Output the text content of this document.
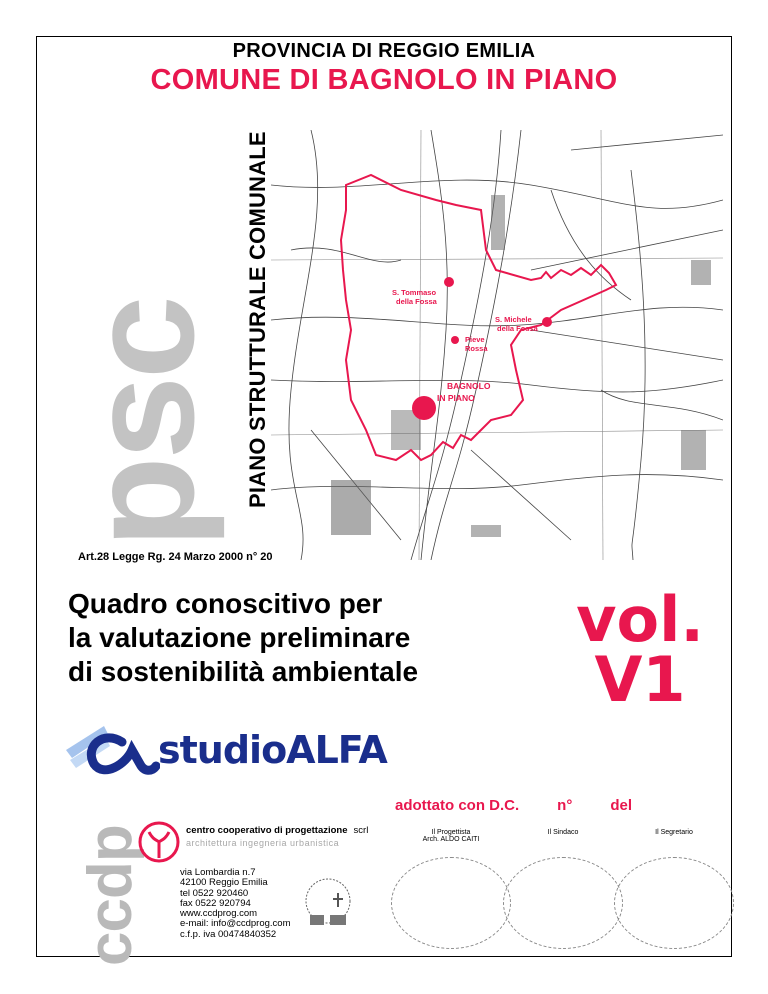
PROVINCIA DI REGGIO EMILIA
COMUNE DI BAGNOLO IN PIANO
psc PIANO STRUTTURALE COMUNALE
Art.28 Legge Rg. 24 Marzo 2000 n° 20
S. Tommaso
della Fossa
S. Michele
della Fossa
Pieve
Rossa
BAGNOLO
IN PIANO
Quadro conoscitivo per
la valutazione preliminare
di sostenibilità ambientale
vol.
V1
studioALFA
ccdp	centro cooperativo di progettazione scrl
architettura ingegneria urbanistica
via Lombardia n.7
42100 Reggio Emilia
tel 0522 920460
fax 0522 920794
www.ccdprog.com
e-mail: info@ccdprog.com
c.f.p. iva 00474840352
adottato con D.C.	n°	del
Il Progettista
Arch. ALDO CAITI
Il Sindaco	Il Segretario
